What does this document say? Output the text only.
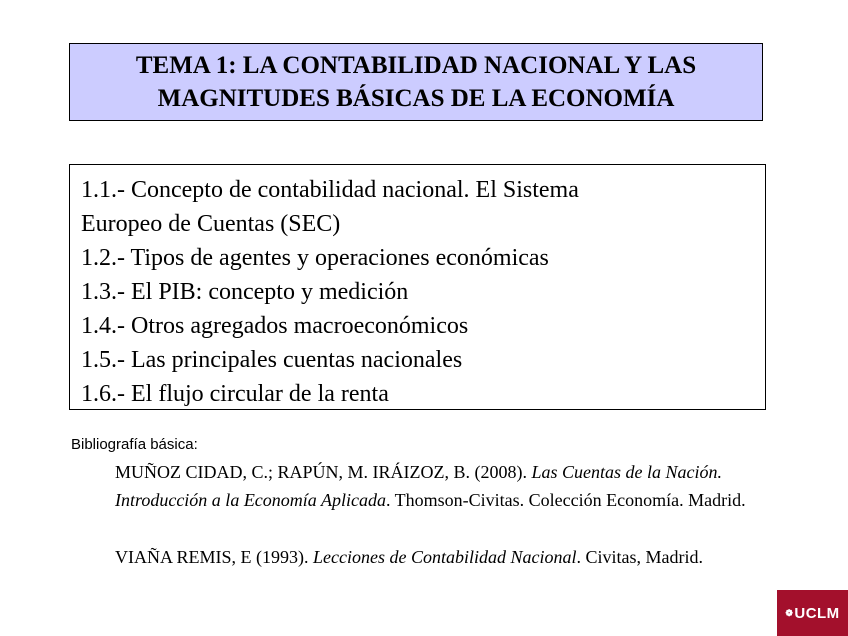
TEMA 1: LA CONTABILIDAD NACIONAL Y LAS
MAGNITUDES BÁSICAS DE LA ECONOMÍA
1.1.- Concepto de contabilidad nacional. El Sistema
Europeo de Cuentas (SEC)
1.2.- Tipos de agentes y operaciones económicas
1.3.- El PIB: concepto y medición
1.4.- Otros agregados macroeconómicos
1.5.- Las principales cuentas nacionales
1.6.- El flujo circular de la renta
Bibliografía básica:
MUÑOZ CIDAD, C.; RAPÚN, M. IRÁIZOZ, B. (2008). Las Cuentas de la Nación. Introducción a la Economía Aplicada. Thomson-Civitas. Colección Economía. Madrid.
VIAÑA REMIS, E (1993). Lecciones de Contabilidad Nacional. Civitas, Madrid.
❁ UCLM
